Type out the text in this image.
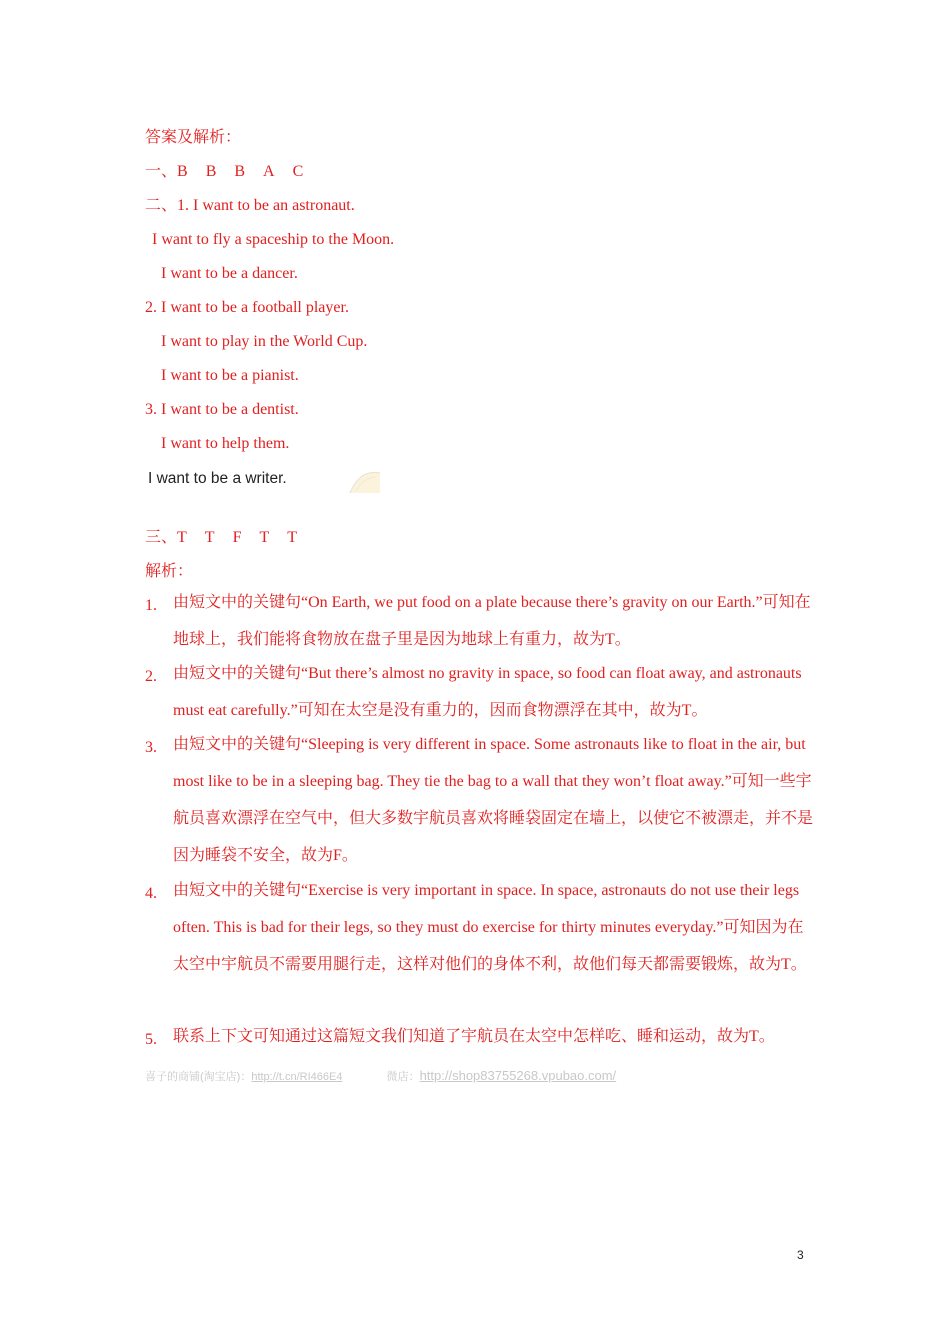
答案及解析：
一、B B B A C
二、1. I want to be an astronaut.
I want to fly a spaceship to the Moon.
I want to be a dancer.
2. I want to be a football player.
I want to play in the World Cup.
I want to be a pianist.
3. I want to be a dentist.
I want to help them.
I want to be a writer.
三、T T F T T
解析：
1. 由短文中的关键句“On Earth, we put food on a plate because there’s gravity on our Earth.”可知在地球上，我们能将食物放在盘子里是因为地球上有重力，故为T。
2. 由短文中的关键句“But there’s almost no gravity in space, so food can float away, and astronauts must eat carefully.”可知在太空是没有重力的，因而食物漂浮在其中，故为T。
3. 由短文中的关键句“Sleeping is very different in space. Some astronauts like to float in the air, but most like to be in a sleeping bag. They tie the bag to a wall that they won’t float away.”可知一些宇航员喜欢漂浮在空气中，但大多数宇航员喜欢将睡袋固定在墙上，以使它不被漂走，并不是因为睡袋不安全，故为F。
4. 由短文中的关键句“Exercise is very important in space. In space, astronauts do not use their legs often. This is bad for their legs, so they must do exercise for thirty minutes everyday.”可知因为在太空中宇航员不需要用腿行走，这样对他们的身体不利，故他们每天都需要锻炼，故为T。
5. 联系上下文可知通过这篇短文我们知道了宇航员在太空中怎样吃、睡和运动，故为T。
喜子的商铺(淘宝店)：http://t.cn/RI466E4	微店：http://shop83755268.vpubao.com/
3
